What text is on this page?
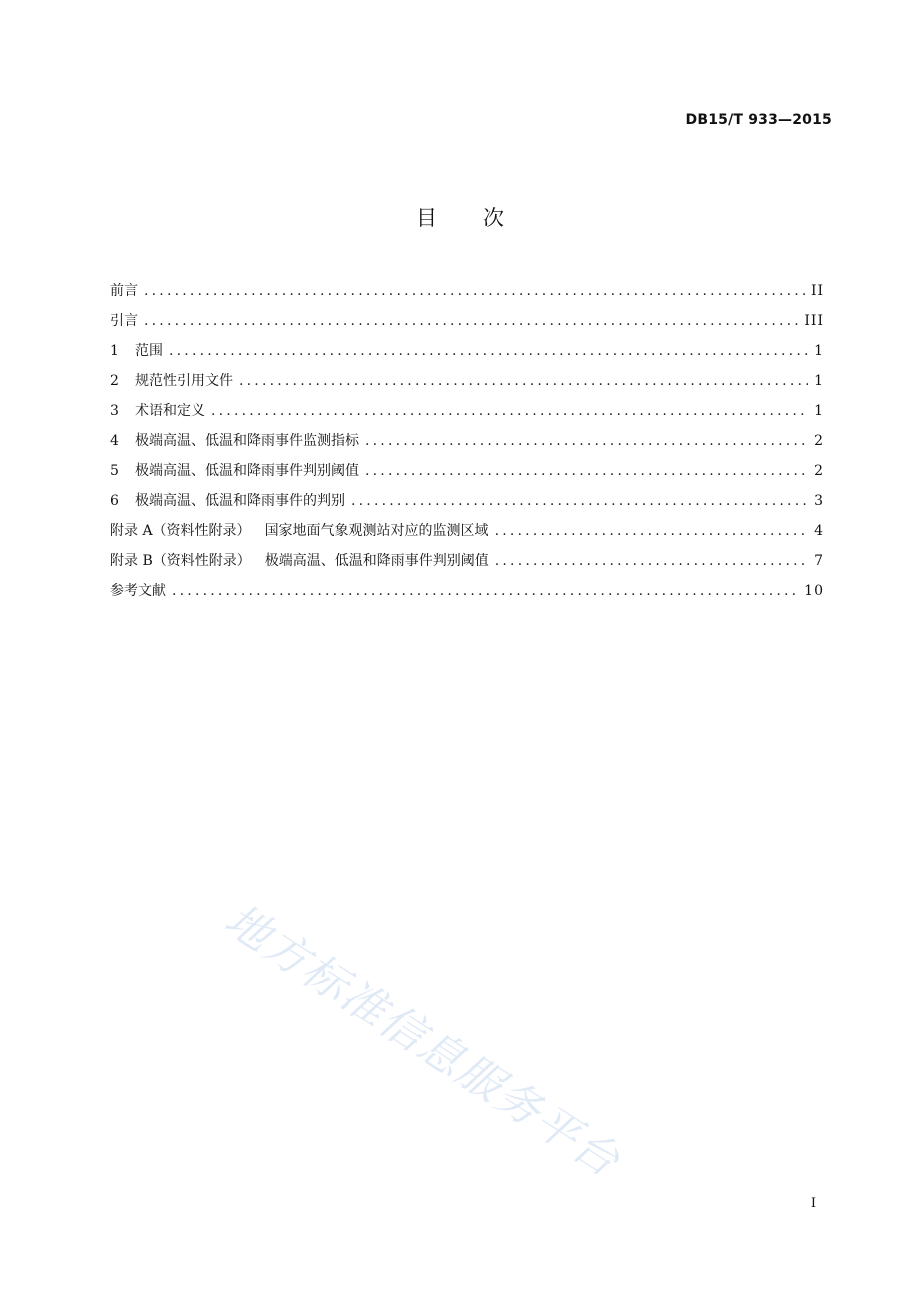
DB15/T 933—2015
目 次
前言 .....	II
引言 .....	III
1 范围 .....	1
2 规范性引用文件 .....	1
3 术语和定义 .....	1
4 极端高温、低温和降雨事件监测指标 .....	2
5 极端高温、低温和降雨事件判别阈值 .....	2
6 极端高温、低温和降雨事件的判别 .....	3
附录 A（资料性附录） 国家地面气象观测站对应的监测区域 .....	4
附录 B（资料性附录） 极端高温、低温和降雨事件判别阈值 .....	7
参考文献 .....	10
地方标准信息服务平台
I
